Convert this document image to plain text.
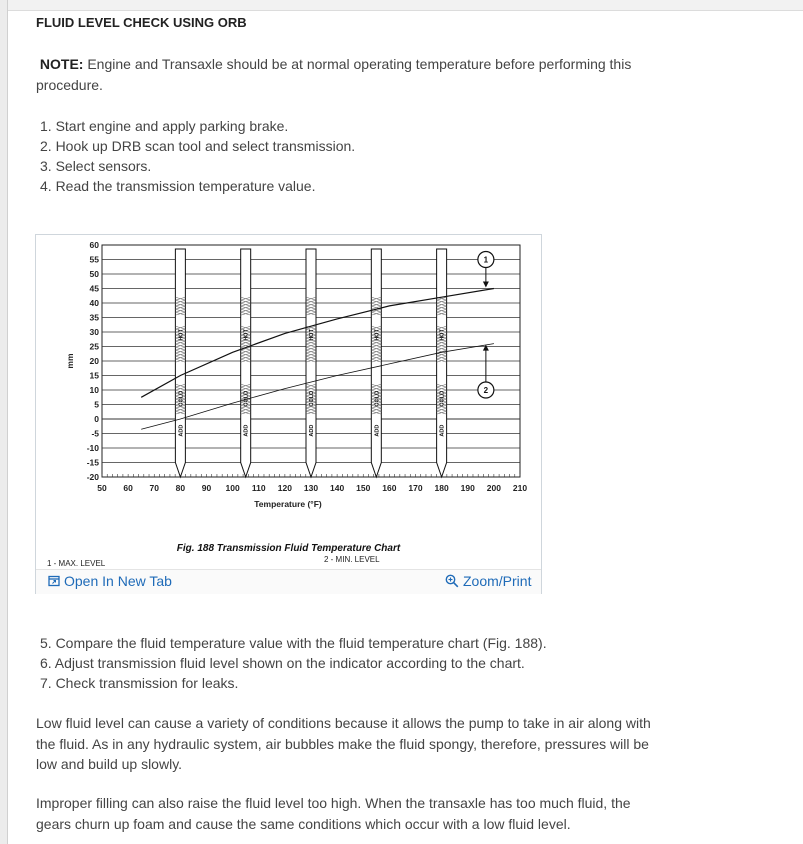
FLUID LEVEL CHECK USING ORB

NOTE: Engine and Transaxle should be at normal operating temperature before performing this procedure.

1. Start engine and apply parking brake.
2. Hook up DRB scan tool and select transmission.
3. Select sensors.
4. Read the transmission temperature value.
5. Compare the fluid temperature value with the fluid temperature chart (Fig. 188).
6. Adjust transmission fluid level shown on the indicator according to the chart.
7. Check transmission for leaks.

Low fluid level can cause a variety of conditions because it allows the pump to take in air along with the fluid. As in any hydraulic system, air bubbles make the fluid spongy, therefore, pressures will be low and build up slowly.

Improper filling can also raise the fluid level too high. When the transaxle has too much fluid, the gears churn up foam and cause the same conditions which occur with a low fluid level.

60
55
50
45
40
35
30
25
20
15
10
5
0
-5
-10
-15
-20
50 60 70 80 90 100 110 120 130 140 150 160 170 180 190 200 210
Temperature (°F)
mm
ADD
COLD
HOT
ADD
COLD
HOT
ADD
COLD
HOT
ADD
COLD
HOT
ADD
COLD
HOT
1
2
Fig. 188 Transmission Fluid Temperature Chart
1 - MAX. LEVEL	2 - MIN. LEVEL
Open In New Tab	Zoom/Print
